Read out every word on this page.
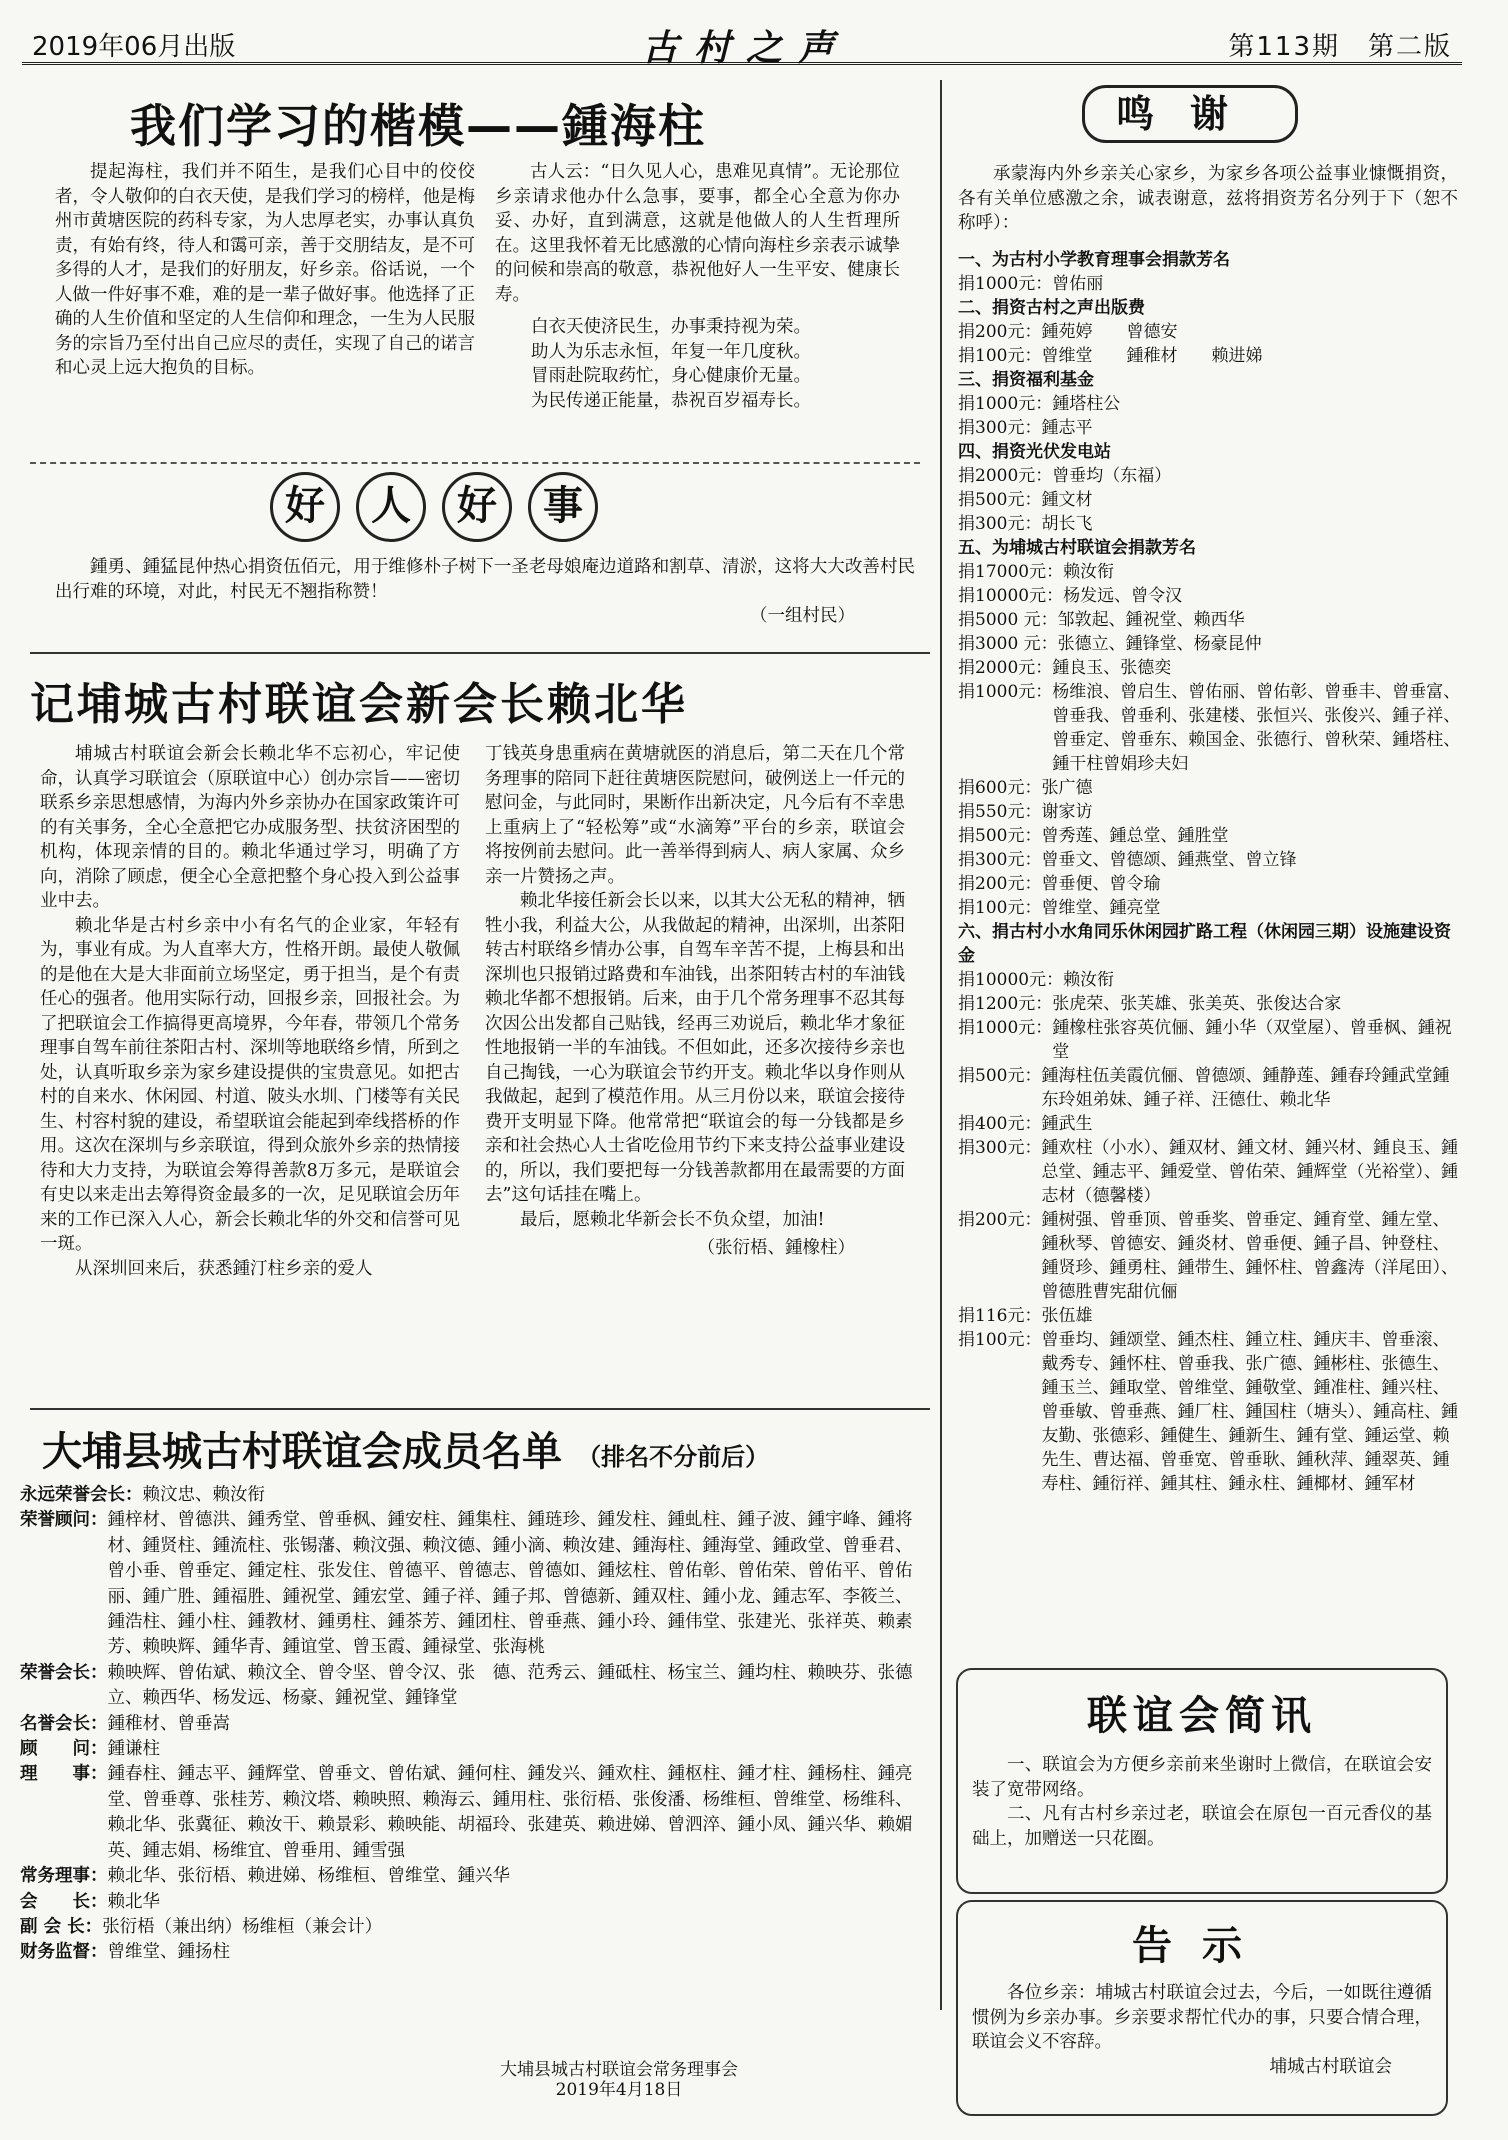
2019年06月出版	古村之声	第113期　第二版
我们学习的楷模——鍾海柱

提起海柱，我们并不陌生，是我们心目中的佼佼者，令人敬仰的白衣天使，是我们学习的榜样，他是梅州市黄塘医院的药科专家，为人忠厚老实，办事认真负责，有始有终，待人和霭可亲，善于交朋结友，是不可多得的人才，是我们的好朋友，好乡亲。俗话说，一个人做一件好事不难，难的是一辈子做好事。他选择了正确的人生价值和坚定的人生信仰和理念，一生为人民服务的宗旨乃至付出自己应尽的责任，实现了自己的诺言和心灵上远大抱负的目标。

古人云：“日久见人心，患难见真情”。无论那位乡亲请求他办什么急事，要事，都全心全意为你办妥、办好，直到满意，这就是他做人的人生哲理所在。这里我怀着无比感激的心情向海柱乡亲表示诚挚的问候和崇高的敬意，恭祝他好人一生平安、健康长寿。

白衣天使济民生，办事秉持视为荣。
助人为乐志永恒，年复一年几度秋。
冒雨赴院取药忙，身心健康价无量。
为民传递正能量，恭祝百岁福寿长。
好 人 好 事

鍾勇、鍾猛昆仲热心捐资伍佰元，用于维修朴子树下一圣老母娘庵边道路和割草、清淤，这将大大改善村民出行难的环境，对此，村民无不翘指称赞！

（一组村民）
记埔城古村联谊会新会长赖北华

埔城古村联谊会新会长赖北华不忘初心，牢记使命，认真学习联谊会（原联谊中心）创办宗旨——密切联系乡亲思想感情，为海内外乡亲协办在国家政策许可的有关事务，全心全意把它办成服务型、扶贫济困型的机构，体现亲情的目的。赖北华通过学习，明确了方向，消除了顾虑，便全心全意把整个身心投入到公益事业中去。

赖北华是古村乡亲中小有名气的企业家，年轻有为，事业有成。为人直率大方，性格开朗。最使人敬佩的是他在大是大非面前立场坚定，勇于担当，是个有责任心的强者。他用实际行动，回报乡亲，回报社会。为了把联谊会工作搞得更高境界，今年春，带领几个常务理事自驾车前往茶阳古村、深圳等地联络乡情，所到之处，认真听取乡亲为家乡建设提供的宝贵意见。如把古村的自来水、休闲园、村道、陂头水圳、门楼等有关民生、村容村貌的建设，希望联谊会能起到牵线搭桥的作用。这次在深圳与乡亲联谊，得到众旅外乡亲的热情接待和大力支持，为联谊会筹得善款8万多元，是联谊会有史以来走出去筹得资金最多的一次，足见联谊会历年来的工作已深入人心，新会长赖北华的外交和信誉可见一斑。

从深圳回来后，获悉鍾汀柱乡亲的爱人

丁钱英身患重病在黄塘就医的消息后，第二天在几个常务理事的陪同下赶往黄塘医院慰问，破例送上一仟元的慰问金，与此同时，果断作出新决定，凡今后有不幸患上重病上了“轻松筹”或“水滴筹”平台的乡亲，联谊会将按例前去慰问。此一善举得到病人、病人家属、众乡亲一片赞扬之声。

赖北华接任新会长以来，以其大公无私的精神，牺牲小我，利益大公，从我做起的精神，出深圳，出茶阳转古村联络乡情办公事，自驾车辛苦不提，上梅县和出深圳也只报销过路费和车油钱，出茶阳转古村的车油钱赖北华都不想报销。后来，由于几个常务理事不忍其每次因公出发都自己贴钱，经再三劝说后，赖北华才象征性地报销一半的车油钱。不但如此，还多次接待乡亲也自己掏钱，一心为联谊会节约开支。赖北华以身作则从我做起，起到了模范作用。从三月份以来，联谊会接待费开支明显下降。他常常把“联谊会的每一分钱都是乡亲和社会热心人士省吃俭用节约下来支持公益事业建设的，所以，我们要把每一分钱善款都用在最需要的方面去”这句话挂在嘴上。

最后，愿赖北华新会长不负众望，加油!

（张衍梧、鍾橡柱）
大埔县城古村联谊会成员名单 （排名不分前后）
永远荣誉会长： 赖汶忠、赖汝衔
荣誉顾问： 鍾梓材、曾德洪、鍾秀堂、曾垂枫、鍾安柱、鍾集柱、鍾琏珍、鍾发柱、鍾虬柱、鍾子波、鍾宇峰、鍾将材、鍾贤柱、鍾流柱、张锡藩、赖汶强、赖汶德、鍾小滴、赖汝建、鍾海柱、鍾海堂、鍾政堂、曾垂君、曾小垂、曾垂定、鍾定柱、张发住、曾德平、曾德志、曾德如、鍾炫柱、曾佑彰、曾佑荣、曾佑平、曾佑丽、鍾广胜、鍾福胜、鍾祝堂、鍾宏堂、鍾子祥、鍾子邦、曾德新、鍾双柱、鍾小龙、鍾志军、李筱兰、鍾浩柱、鍾小柱、鍾教材、鍾勇柱、鍾茶芳、鍾团柱、曾垂燕、鍾小玲、鍾伟堂、张建光、张祥英、赖素芳、赖映辉、鍾华青、鍾谊堂、曾玉霞、鍾禄堂、张海桃
荣誉会长： 赖映辉、曾佑斌、赖汶全、曾令坚、曾令汉、张　德、范秀云、鍾砥柱、杨宝兰、鍾均柱、赖映芬、张德立、赖西华、杨发远、杨豪、鍾祝堂、鍾锋堂
名誉会长： 鍾稚材、曾垂嵩
顾　　问： 鍾谦柱
理　　事： 鍾春柱、鍾志平、鍾辉堂、曾垂文、曾佑斌、鍾何柱、鍾发兴、鍾欢柱、鍾枢柱、鍾才柱、鍾杨柱、鍾亮堂、曾垂尊、张桂芳、赖汶塔、赖映照、赖海云、鍾用柱、张衍梧、张俊潘、杨维桓、曾维堂、杨维科、赖北华、张冀征、赖汝干、赖景彩、赖映能、胡福玲、张建英、赖进娣、曾泗淬、鍾小凤、鍾兴华、赖媚英、鍾志娟、杨维宜、曾垂用、鍾雪强
常务理事： 赖北华、张衍梧、赖进娣、杨维桓、曾维堂、鍾兴华
会　　长： 赖北华
副 会 长： 张衍梧（兼出纳）杨维桓（兼会计）
财务监督： 曾维堂、鍾扬柱
大埔县城古村联谊会常务理事会
2019年4月18日
鸣谢

承蒙海内外乡亲关心家乡，为家乡各项公益事业慷慨捐资，各有关单位感激之余，诚表谢意，兹将捐资芳名分列于下（恕不称呼）：

一、为古村小学教育理事会捐款芳名
捐1000元： 曾佑丽
二、捐资古村之声出版费
捐200元： 鍾苑婷　　曾德安
捐100元： 曾维堂　　鍾稚材　　赖进娣
三、捐资福利基金
捐1000元： 鍾塔柱公
捐300元： 鍾志平
四、捐资光伏发电站
捐2000元： 曾垂均（东福）
捐500元： 鍾文材
捐300元： 胡长飞
五、为埔城古村联谊会捐款芳名
捐17000元： 赖汝衔
捐10000元： 杨发远、曾令汉
捐5000 元： 邹敦起、鍾祝堂、赖西华
捐3000 元： 张德立、鍾锋堂、杨豪昆仲
捐2000元： 鍾良玉、张德奕
捐1000元： 杨维浪、曾启生、曾佑丽、曾佑彰、曾垂丰、曾垂富、曾垂我、曾垂利、张建楼、张恒兴、张俊兴、鍾子祥、曾垂定、曾垂东、赖国金、张德行、曾秋荣、鍾塔柱、鍾干柱曾娟珍夫妇
捐600元： 张广德
捐550元： 谢家访
捐500元： 曾秀莲、鍾总堂、鍾胜堂
捐300元： 曾垂文、曾德颂、鍾燕堂、曾立锋
捐200元： 曾垂便、曾令瑜
捐100元： 曾维堂、鍾亮堂
六、捐古村小水角同乐休闲园扩路工程（休闲园三期）设施建设资金
捐10000元： 赖汝衔
捐1200元： 张虎荣、张芙雄、张美英、张俊达合家
捐1000元： 鍾橡柱张容英伉俪、鍾小华（双堂屋）、曾垂枫、鍾祝堂
捐500元： 鍾海柱伍美霞伉俪、曾德颂、鍾静莲、鍾春玲鍾武堂鍾东玲姐弟妹、鍾子祥、汪德仕、赖北华
捐400元： 鍾武生
捐300元： 鍾欢柱（小水）、鍾双材、鍾文材、鍾兴材、鍾良玉、鍾总堂、鍾志平、鍾爱堂、曾佑荣、鍾辉堂（光裕堂）、鍾志材（德馨楼）
捐200元： 鍾树强、曾垂顶、曾垂奖、曾垂定、鍾育堂、鍾左堂、鍾秋琴、曾德安、鍾炎材、曾垂便、鍾子昌、钟登柱、鍾贤珍、鍾勇柱、鍾带生、鍾怀柱、曾鑫涛（洋尾田）、曾德胜曹宪甜伉俪
捐116元： 张伍雄
捐100元： 曾垂均、鍾颂堂、鍾杰柱、鍾立柱、鍾庆丰、曾垂滚、戴秀专、鍾怀柱、曾垂我、张广德、鍾彬柱、张德生、鍾玉兰、鍾取堂、曾维堂、鍾敬堂、鍾准柱、鍾兴柱、曾垂敏、曾垂燕、鍾厂柱、鍾国柱（塘头）、鍾高柱、鍾友勤、张德彩、鍾健生、鍾新生、鍾有堂、鍾运堂、赖先生、曹达福、曾垂宽、曾垂耿、鍾秋萍、鍾翠英、鍾寿柱、鍾衍祥、鍾其柱、鍾永柱、鍾椰材、鍾军材
联谊会简讯

一、联谊会为方便乡亲前来坐谢时上微信，在联谊会安装了宽带网络。

二、凡有古村乡亲过老，联谊会在原包一百元香仪的基础上，加赠送一只花圈。

告示

各位乡亲：埔城古村联谊会过去，今后，一如既往遵循惯例为乡亲办事。乡亲要求帮忙代办的事，只要合情合理，联谊会义不容辞。

埔城古村联谊会
